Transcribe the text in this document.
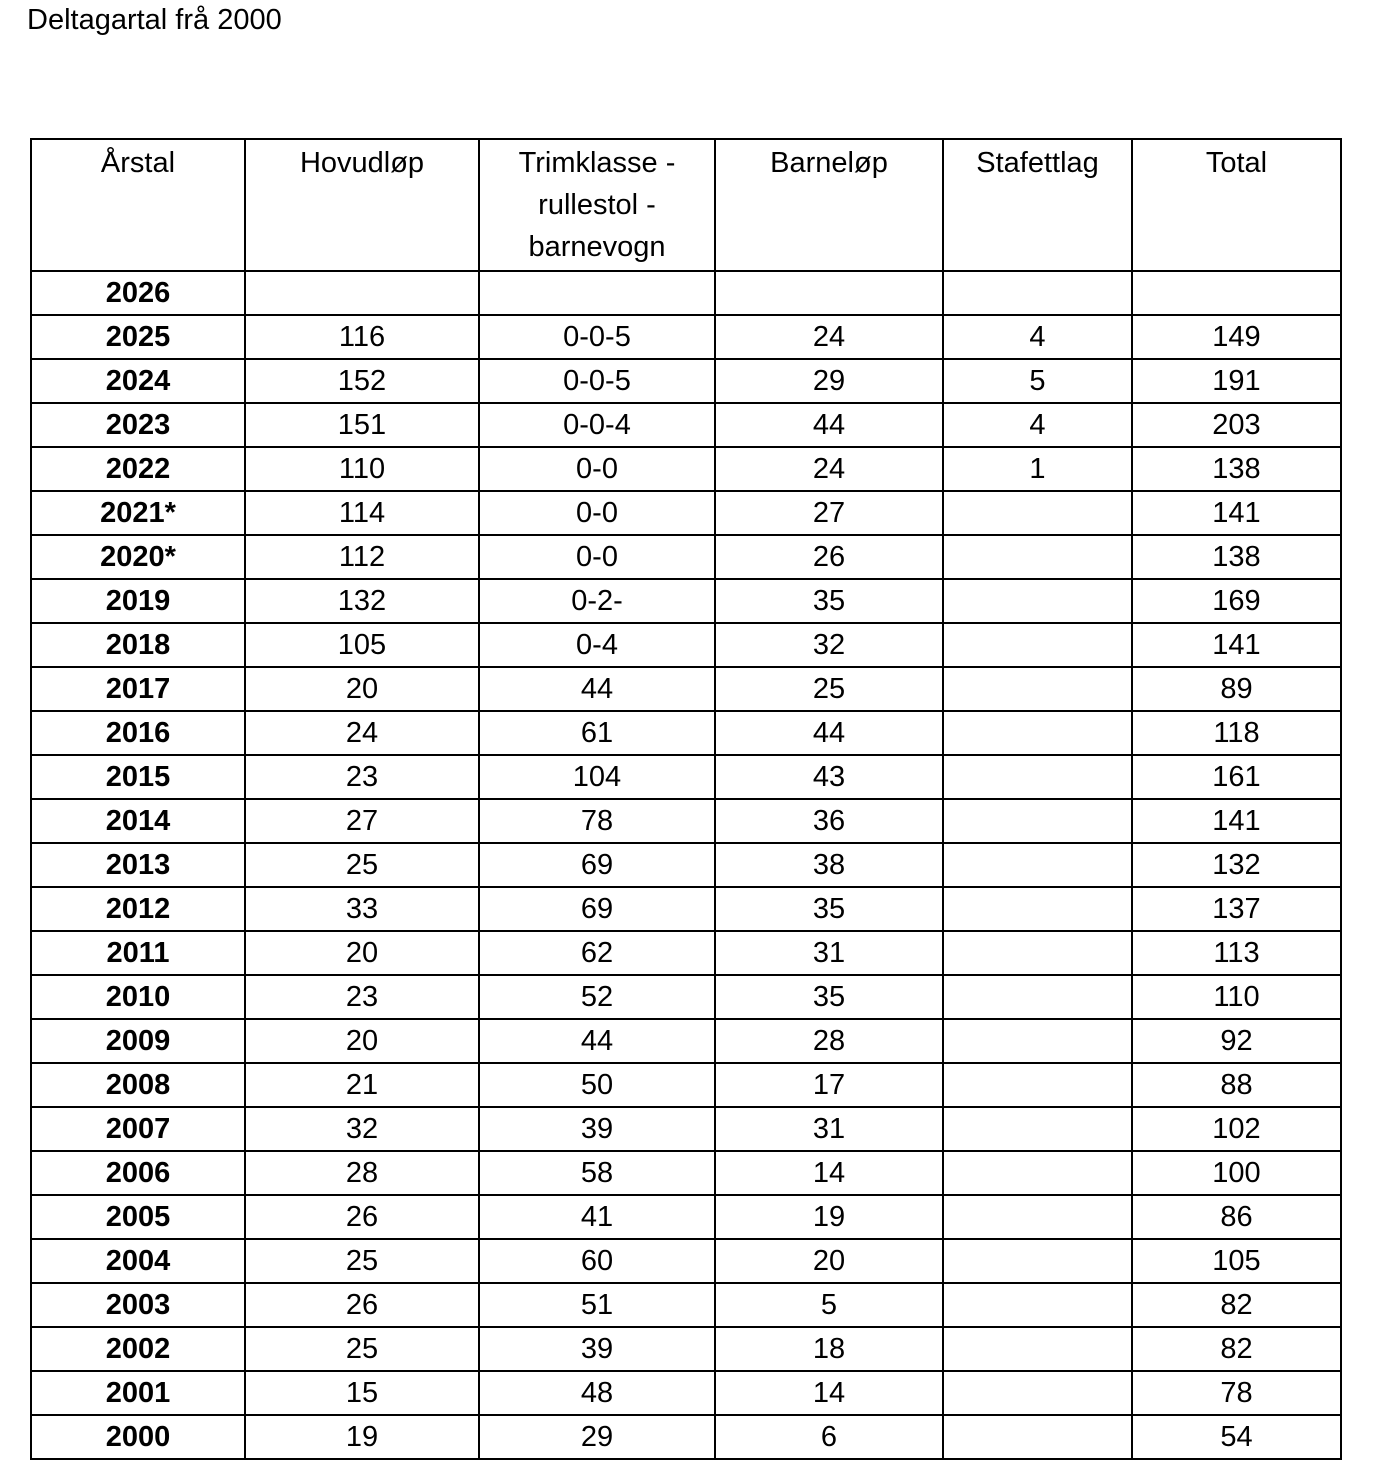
Deltagartal frå 2000
Årstal	Hovudløp	Trimklasse - rullestol - barnevogn	Barneløp	Stafettlag	Total
2026					
2025	116	0-0-5	24	4	149
2024	152	0-0-5	29	5	191
2023	151	0-0-4	44	4	203
2022	110	0-0	24	1	138
2021*	114	0-0	27		141
2020*	112	0-0	26		138
2019	132	0-2-	35		169
2018	105	0-4	32		141
2017	20	44	25		89
2016	24	61	44		118
2015	23	104	43		161
2014	27	78	36		141
2013	25	69	38		132
2012	33	69	35		137
2011	20	62	31		113
2010	23	52	35		110
2009	20	44	28		92
2008	21	50	17		88
2007	32	39	31		102
2006	28	58	14		100
2005	26	41	19		86
2004	25	60	20		105
2003	26	51	5		82
2002	25	39	18		82
2001	15	48	14		78
2000	19	29	6		54
